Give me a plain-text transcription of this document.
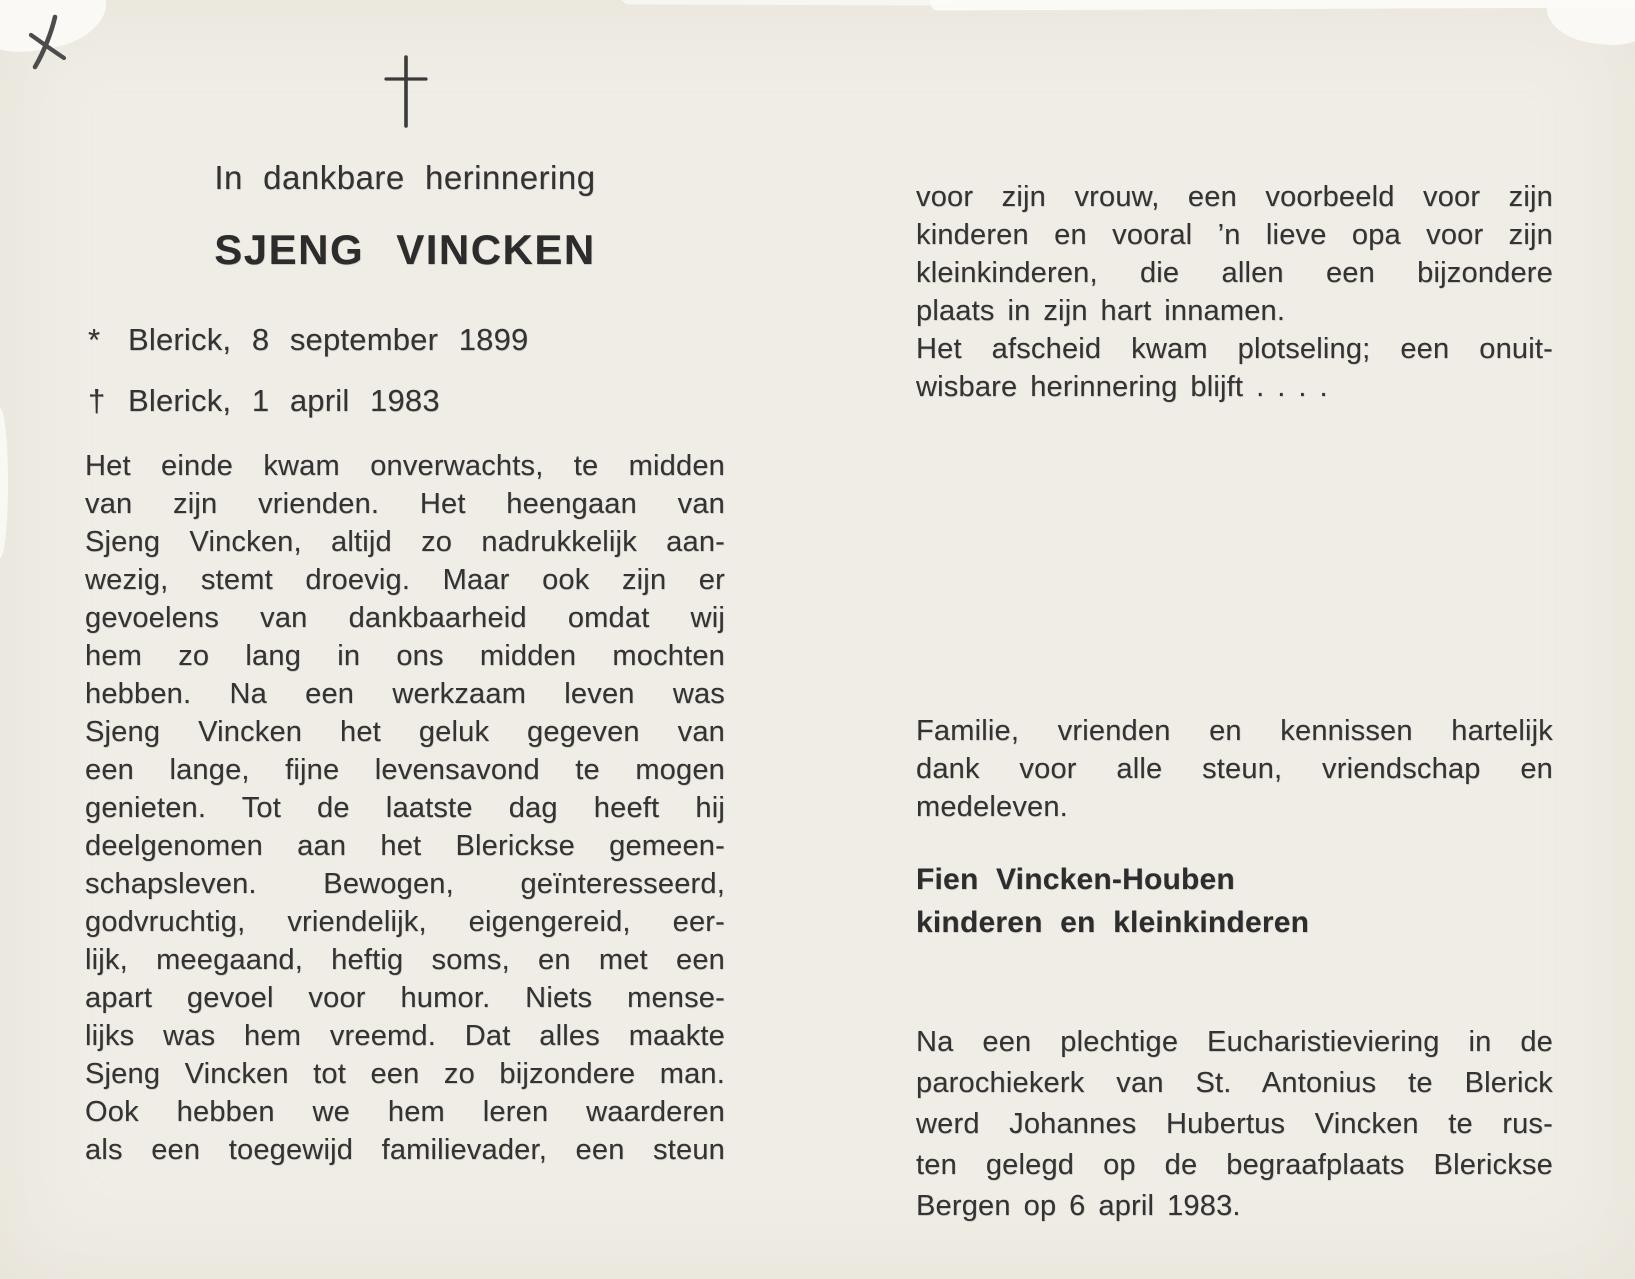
In dankbare herinnering
SJENG VINCKEN
* Blerick, 8 september 1899
† Blerick, 1 april 1983
Het einde kwam onverwachts, te midden
van zijn vrienden. Het heengaan van
Sjeng Vincken, altijd zo nadrukkelijk aan-
wezig, stemt droevig. Maar ook zijn er
gevoelens van dankbaarheid omdat wij
hem zo lang in ons midden mochten
hebben. Na een werkzaam leven was
Sjeng Vincken het geluk gegeven van
een lange, fijne levensavond te mogen
genieten. Tot de laatste dag heeft hij
deelgenomen aan het Blerickse gemeen-
schapsleven. Bewogen, geïnteresseerd,
godvruchtig, vriendelijk, eigengereid, eer-
lijk, meegaand, heftig soms, en met een
apart gevoel voor humor. Niets mense-
lijks was hem vreemd. Dat alles maakte
Sjeng Vincken tot een zo bijzondere man.
Ook hebben we hem leren waarderen
als een toegewijd familievader, een steun
voor zijn vrouw, een voorbeeld voor zijn
kinderen en vooral ’n lieve opa voor zijn
kleinkinderen, die allen een bijzondere
plaats in zijn hart innamen.
Het afscheid kwam plotseling; een onuit-
wisbare herinnering blijft . . . .
Familie, vrienden en kennissen hartelijk
dank voor alle steun, vriendschap en
medeleven.
Fien Vincken-Houben
kinderen en kleinkinderen
Na een plechtige Eucharistieviering in de
parochiekerk van St. Antonius te Blerick
werd Johannes Hubertus Vincken te rus-
ten gelegd op de begraafplaats Blerickse
Bergen op 6 april 1983.
